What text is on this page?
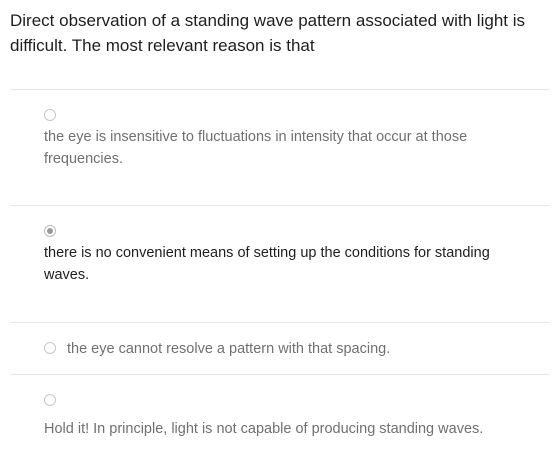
Direct observation of a standing wave pattern associated with light is difficult. The most relevant reason is that
the eye is insensitive to fluctuations in intensity that occur at those frequencies.
there is no convenient means of setting up the conditions for standing waves.
the eye cannot resolve a pattern with that spacing.
Hold it! In principle, light is not capable of producing standing waves.
